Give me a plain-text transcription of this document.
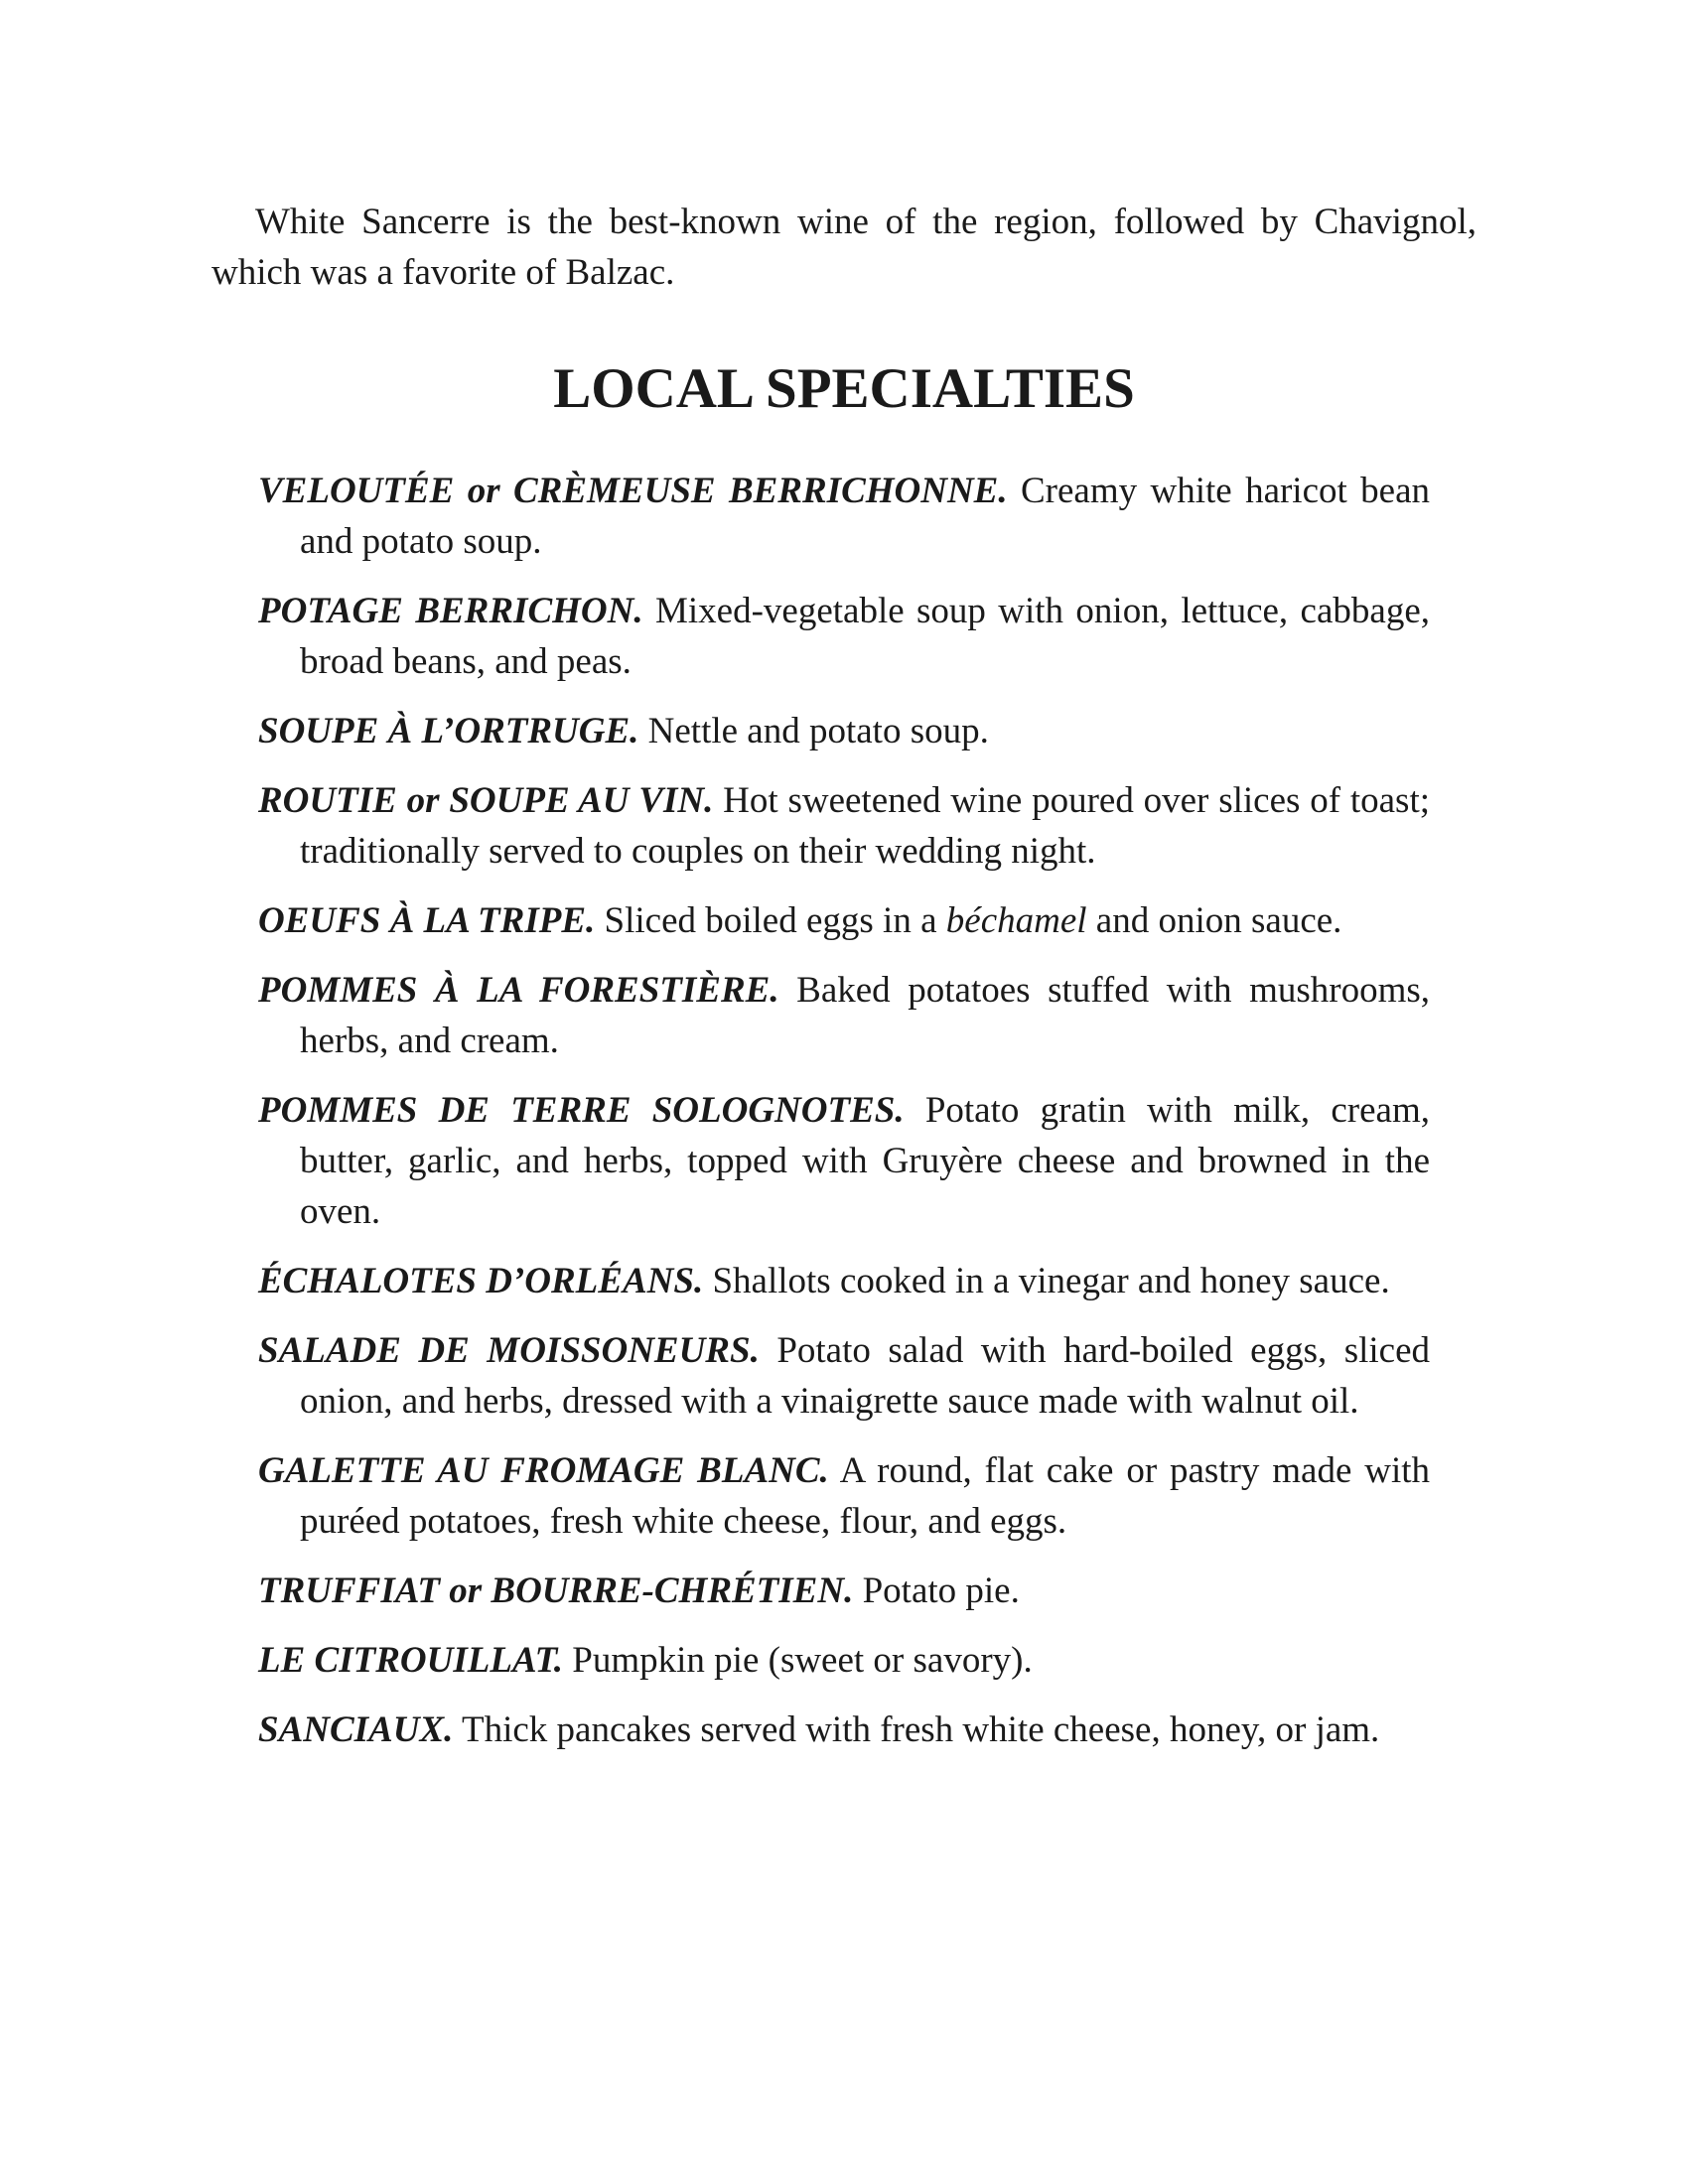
White Sancerre is the best-known wine of the region, followed by Chavignol, which was a favorite of Balzac.

LOCAL SPECIALTIES
VELOUTÉE or CRÈMEUSE BERRICHONNE. Creamy white haricot bean and potato soup.
POTAGE BERRICHON. Mixed-vegetable soup with onion, lettuce, cabbage, broad beans, and peas.
SOUPE À L’ORTRUGE. Nettle and potato soup.
ROUTIE or SOUPE AU VIN. Hot sweetened wine poured over slices of toast; traditionally served to couples on their wedding night.
OEUFS À LA TRIPE. Sliced boiled eggs in a béchamel and onion sauce.
POMMES À LA FORESTIÈRE. Baked potatoes stuffed with mushrooms, herbs, and cream.
POMMES DE TERRE SOLOGNOTES. Potato gratin with milk, cream, butter, garlic, and herbs, topped with Gruyère cheese and browned in the oven.
ÉCHALOTES D’ORLÉANS. Shallots cooked in a vinegar and honey sauce.
SALADE DE MOISSONEURS. Potato salad with hard-boiled eggs, sliced onion, and herbs, dressed with a vinaigrette sauce made with walnut oil.
GALETTE AU FROMAGE BLANC. A round, flat cake or pastry made with puréed potatoes, fresh white cheese, flour, and eggs.
TRUFFIAT or BOURRE-CHRÉTIEN. Potato pie.
LE CITROUILLAT. Pumpkin pie (sweet or savory).
SANCIAUX. Thick pancakes served with fresh white cheese, honey, or jam.
